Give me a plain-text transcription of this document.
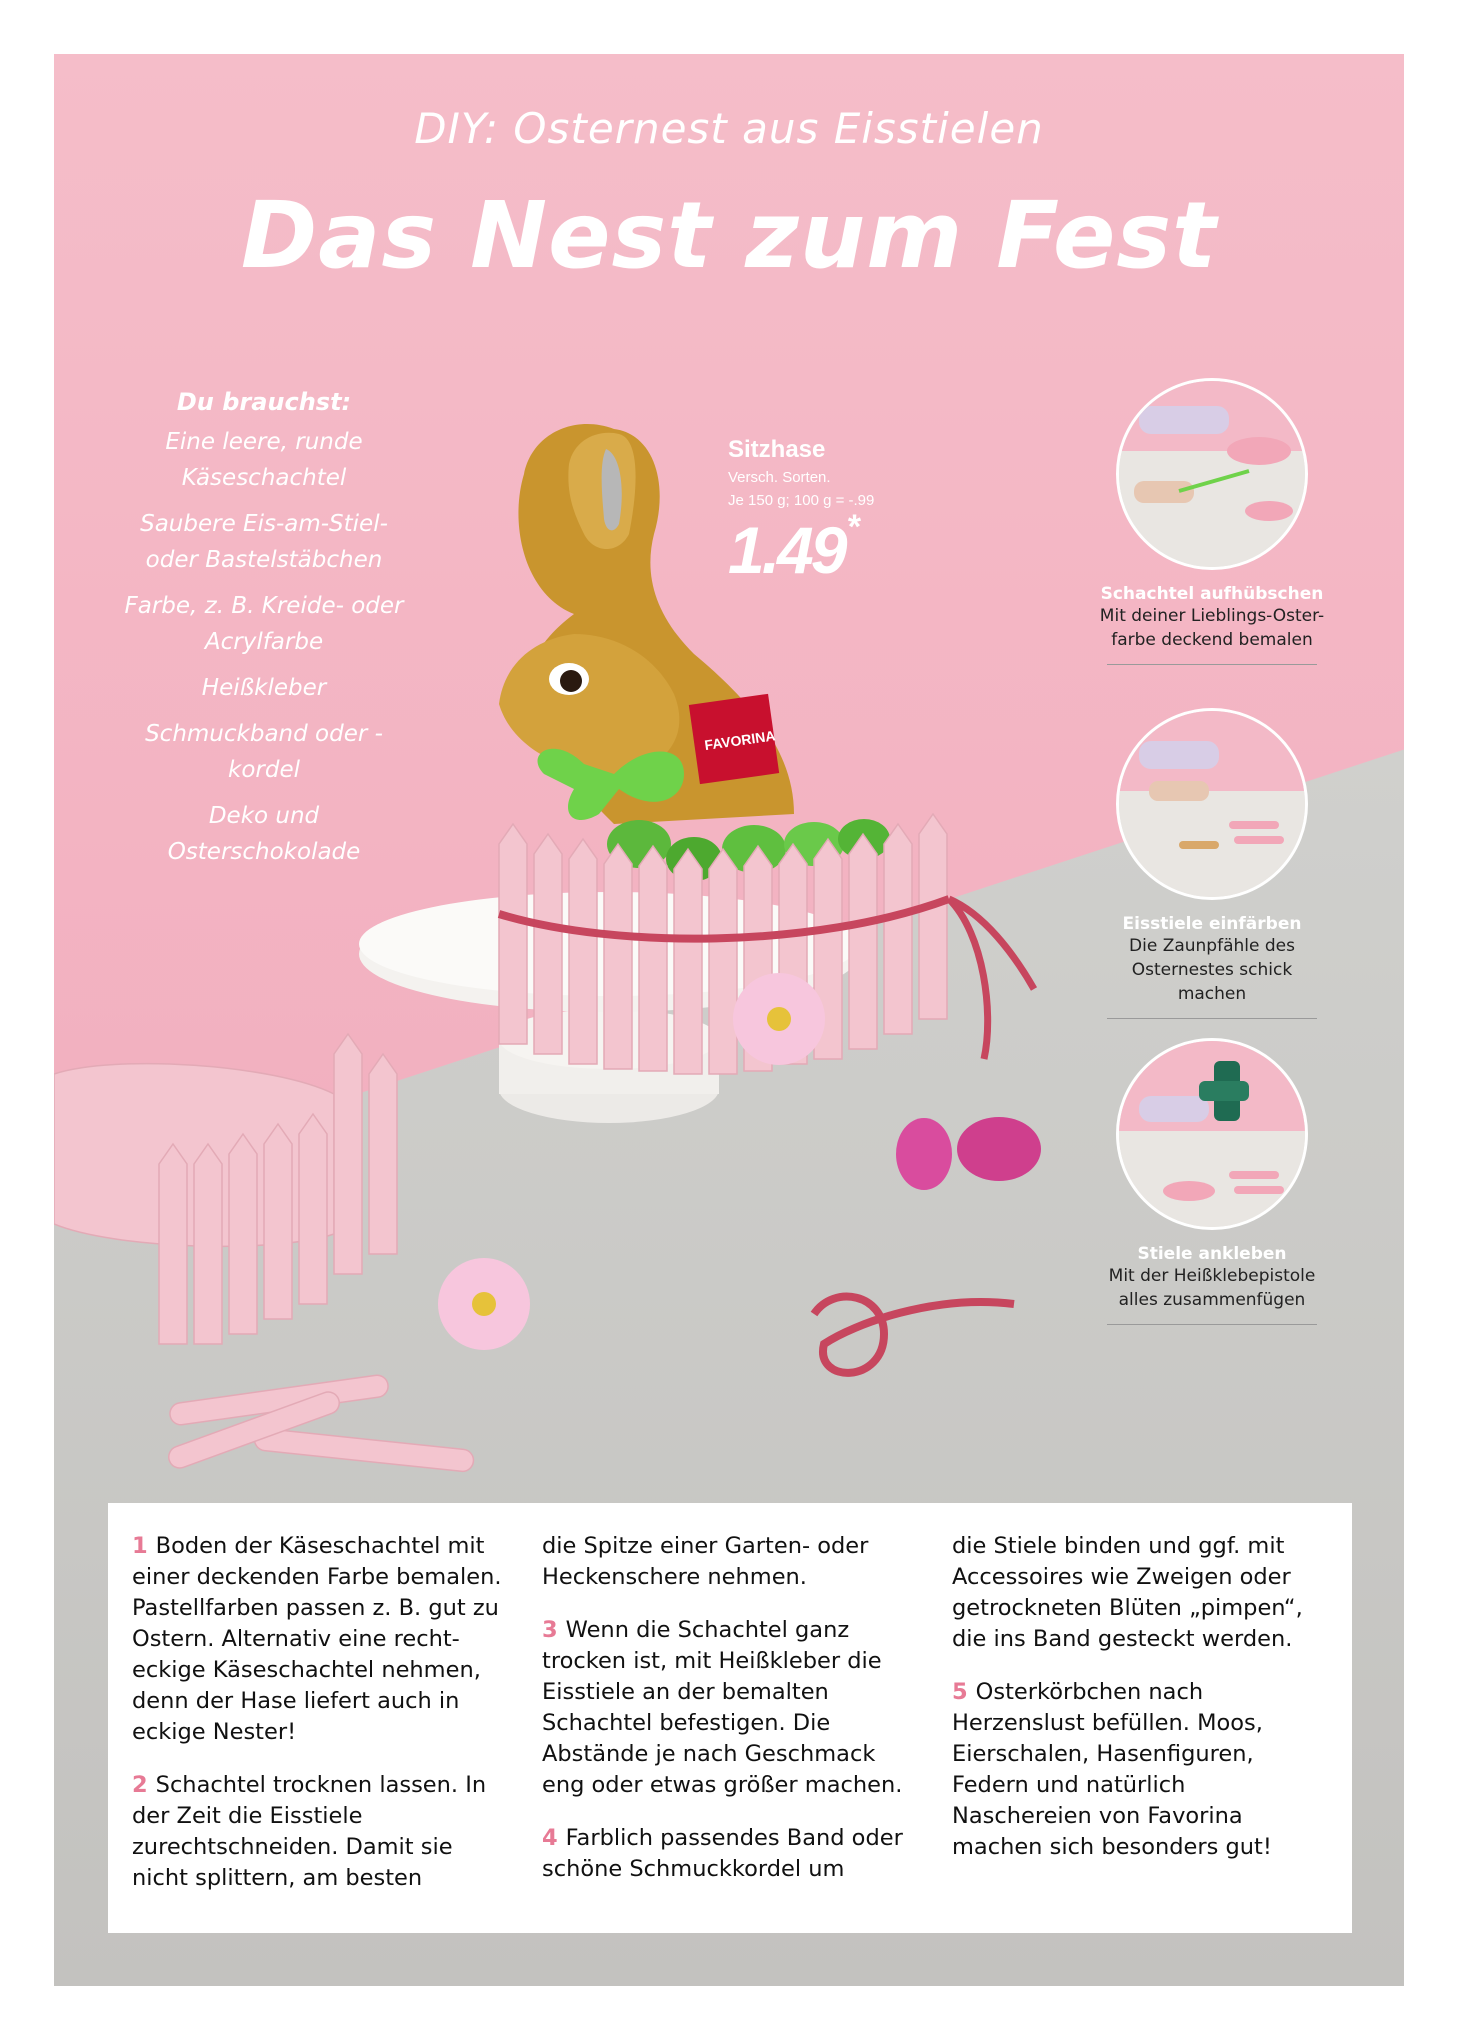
DIY: Osternest aus Eisstielen
Das Nest zum Fest
Du brauchst:
Eine leere, runde Käseschachtel
Saubere Eis-am-Stiel-oder Bastelstäbchen
Farbe, z. B. Kreide- oder Acrylfarbe
Heißkleber
Schmuckband oder -kordel
Deko und Osterschokolade
FAVORINA
Sitzhase
Versch. Sorten.
Je 150 g; 100 g = -.99
1.49*
Schachtel aufhübschen
Mit deiner Lieblings-Oster-farbe deckend bemalen
Eisstiele einfärben
Die Zaunpfähle des Osternestes schick machen
Stiele ankleben
Mit der Heißklebepistole alles zusammenfügen

1 Boden der Käseschachtel mit einer deckenden Farbe bemalen. Pastellfarben passen z. B. gut zu Ostern. Alternativ eine recht-eckige Käseschachtel nehmen, denn der Hase liefert auch in eckige Nester!

2 Schachtel trocknen lassen. In der Zeit die Eisstiele zurechtschneiden. Damit sie nicht splittern, am besten

die Spitze einer Garten- oder Heckenschere nehmen.

3 Wenn die Schachtel ganz trocken ist, mit Heißkleber die Eisstiele an der bemalten Schachtel befestigen. Die Abstände je nach Geschmack eng oder etwas größer machen.

4 Farblich passendes Band oder schöne Schmuckkordel um

die Stiele binden und ggf. mit Accessoires wie Zweigen oder getrockneten Blüten „pimpen“, die ins Band gesteckt werden.

5 Osterkörbchen nach Herzenslust befüllen. Moos, Eierschalen, Hasenfiguren, Federn und natürlich Naschereien von Favorina machen sich besonders gut!
